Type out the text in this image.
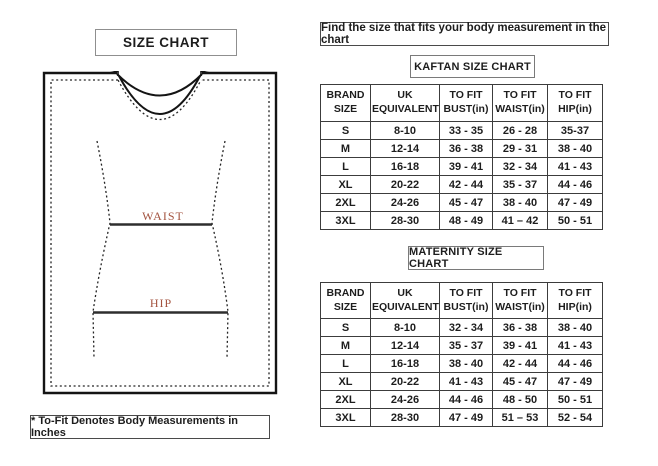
SIZE CHART
WAIST
HIP
* To-Fit Denotes Body Measurements in Inches
Find the size that fits your body measurement in the chart
KAFTAN SIZE CHART
BRAND SIZE	UK EQUIVALENT	TO FIT BUST(in)	TO FIT WAIST(in)	TO FIT HIP(in)
S	8-10	33 - 35	26 - 28	35-37
M	12-14	36 - 38	29 - 31	38 - 40
L	16-18	39 - 41	32 - 34	41 - 43
XL	20-22	42 - 44	35 - 37	44 - 46
2XL	24-26	45 - 47	38 - 40	47 - 49
3XL	28-30	48 - 49	41 – 42	50 - 51
MATERNITY SIZE CHART
BRAND SIZE	UK EQUIVALENT	TO FIT BUST(in)	TO FIT WAIST(in)	TO FIT HIP(in)
S	8-10	32 - 34	36 - 38	38 - 40
M	12-14	35 - 37	39 - 41	41 - 43
L	16-18	38 - 40	42 - 44	44 - 46
XL	20-22	41 - 43	45 - 47	47 - 49
2XL	24-26	44 - 46	48 - 50	50 - 51
3XL	28-30	47 - 49	51 – 53	52 - 54
